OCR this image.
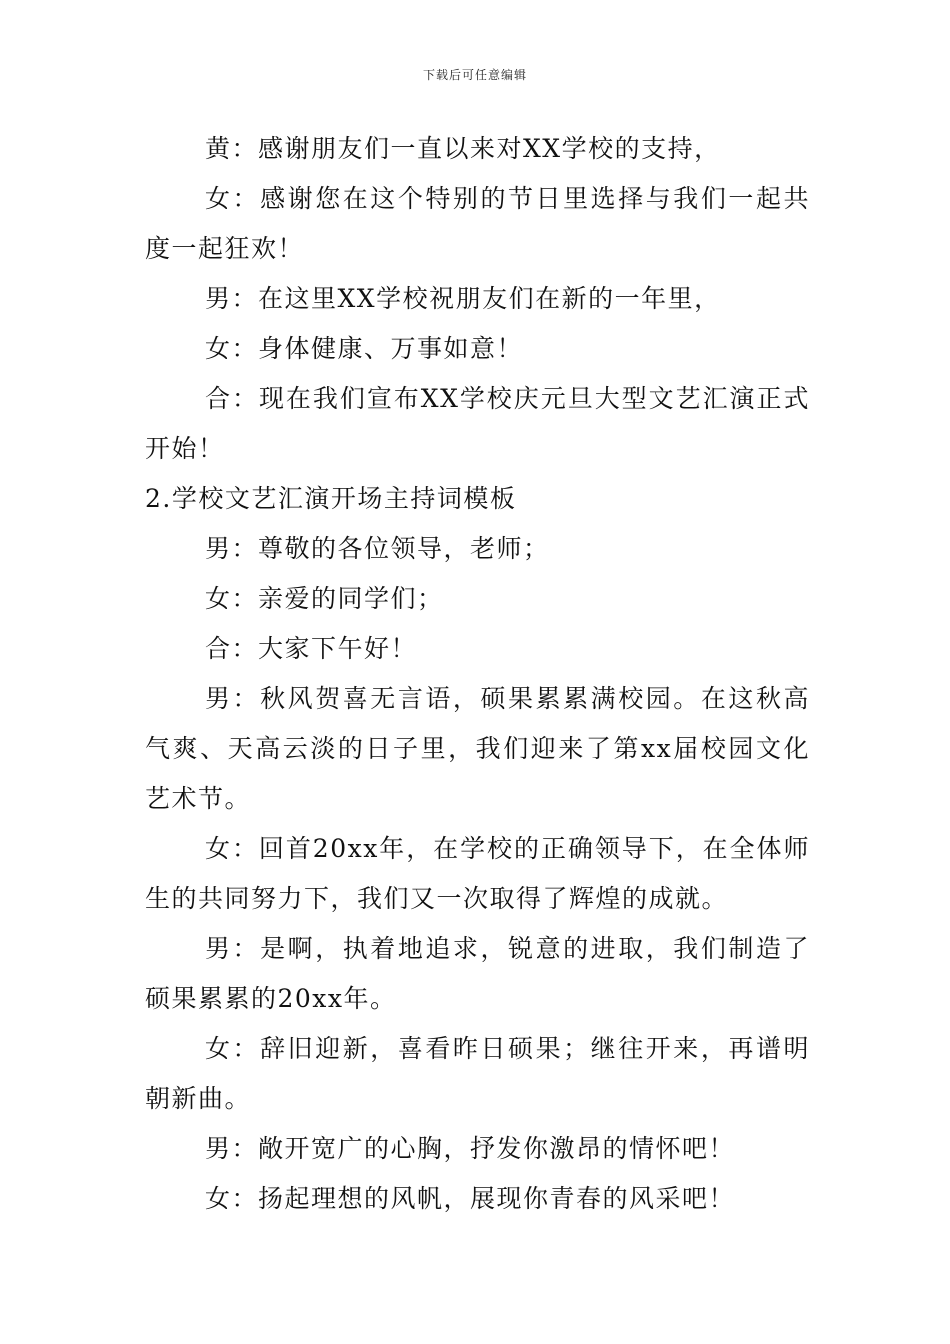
下载后可任意编辑

黄：感谢朋友们一直以来对XX学校的支持，

女：感谢您在这个特别的节日里选择与我们一起共度一起狂欢！

男：在这里XX学校祝朋友们在新的一年里，

女：身体健康、万事如意！

合：现在我们宣布XX学校庆元旦大型文艺汇演正式开始！

2.学校文艺汇演开场主持词模板

男：尊敬的各位领导，老师；

女：亲爱的同学们；

合：大家下午好！

男：秋风贺喜无言语，硕果累累满校园。在这秋高气爽、天高云淡的日子里，我们迎来了第xx届校园文化艺术节。

女：回首20xx年，在学校的正确领导下，在全体师生的共同努力下，我们又一次取得了辉煌的成就。

男：是啊，执着地追求，锐意的进取，我们制造了硕果累累的20xx年。

女：辞旧迎新，喜看昨日硕果；继往开来，再谱明朝新曲。

男：敞开宽广的心胸，抒发你激昂的情怀吧！

女：扬起理想的风帆，展现你青春的风采吧！
